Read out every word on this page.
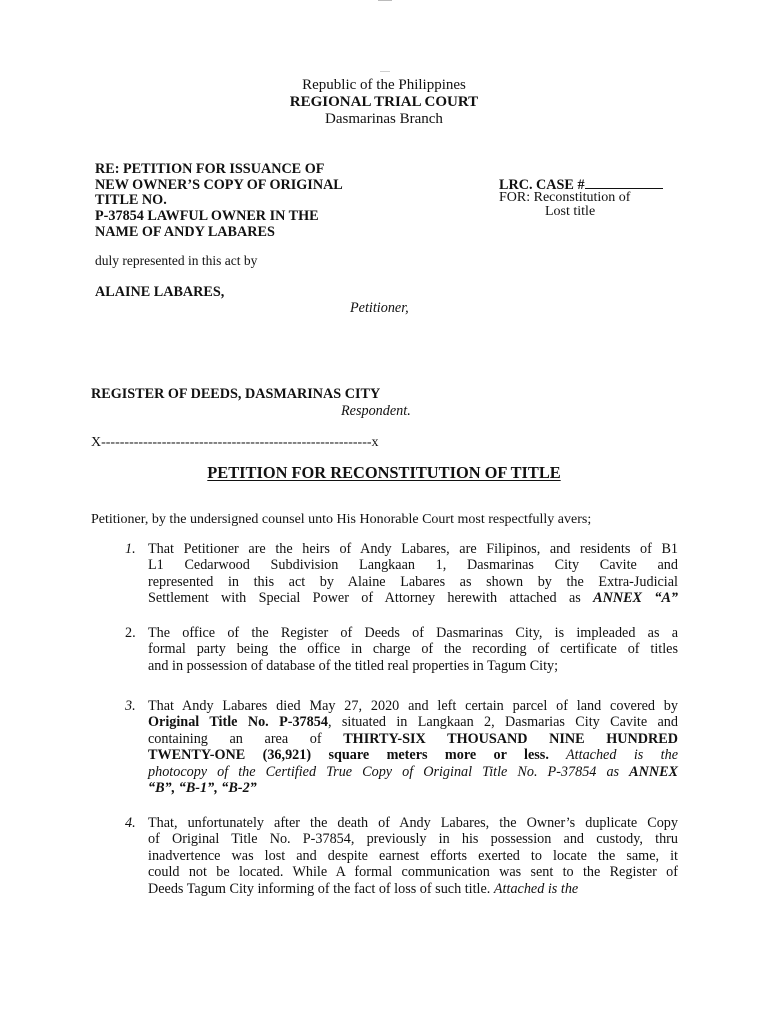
Republic of the Philippines
REGIONAL TRIAL COURT
Dasmarinas Branch
RE: PETITION FOR ISSUANCE OF
NEW OWNER’S COPY OF ORIGINAL
TITLE NO.
P-37854 LAWFUL OWNER IN THE
NAME OF ANDY LABARES
LRC. CASE #
FOR: Reconstitution of
Lost title
duly represented in this act by
ALAINE LABARES,
Petitioner,
REGISTER OF DEEDS, DASMARINAS CITY
Respondent.
X----------------------------------------------------------x
PETITION FOR RECONSTITUTION OF TITLE
Petitioner, by the undersigned counsel unto His Honorable Court most respectfully avers;
1. That Petitioner are the heirs of Andy Labares, are Filipinos, and residents of B1
L1 Cedarwood Subdivision Langkaan 1, Dasmarinas City Cavite and
represented in this act by Alaine Labares as shown by the Extra-Judicial
Settlement with Special Power of Attorney herewith attached as ANNEX “A”
2. The office of the Register of Deeds of Dasmarinas City, is impleaded as a
formal party being the office in charge of the recording of certificate of titles
and in possession of database of the titled real properties in Tagum City;
3. That Andy Labares died May 27, 2020 and left certain parcel of land covered by
Original Title No. P-37854, situated in Langkaan 2, Dasmarias City Cavite and
containing an area of THIRTY-SIX THOUSAND NINE HUNDRED
TWENTY-ONE (36,921) square meters more or less. Attached is the
photocopy of the Certified True Copy of Original Title No. P-37854 as ANNEX
“B”, “B-1”, “B-2”
4. That, unfortunately after the death of Andy Labares, the Owner’s duplicate Copy
of Original Title No. P-37854, previously in his possession and custody, thru
inadvertence was lost and despite earnest efforts exerted to locate the same, it
could not be located. While A formal communication was sent to the Register of
Deeds Tagum City informing of the fact of loss of such title. Attached is the
